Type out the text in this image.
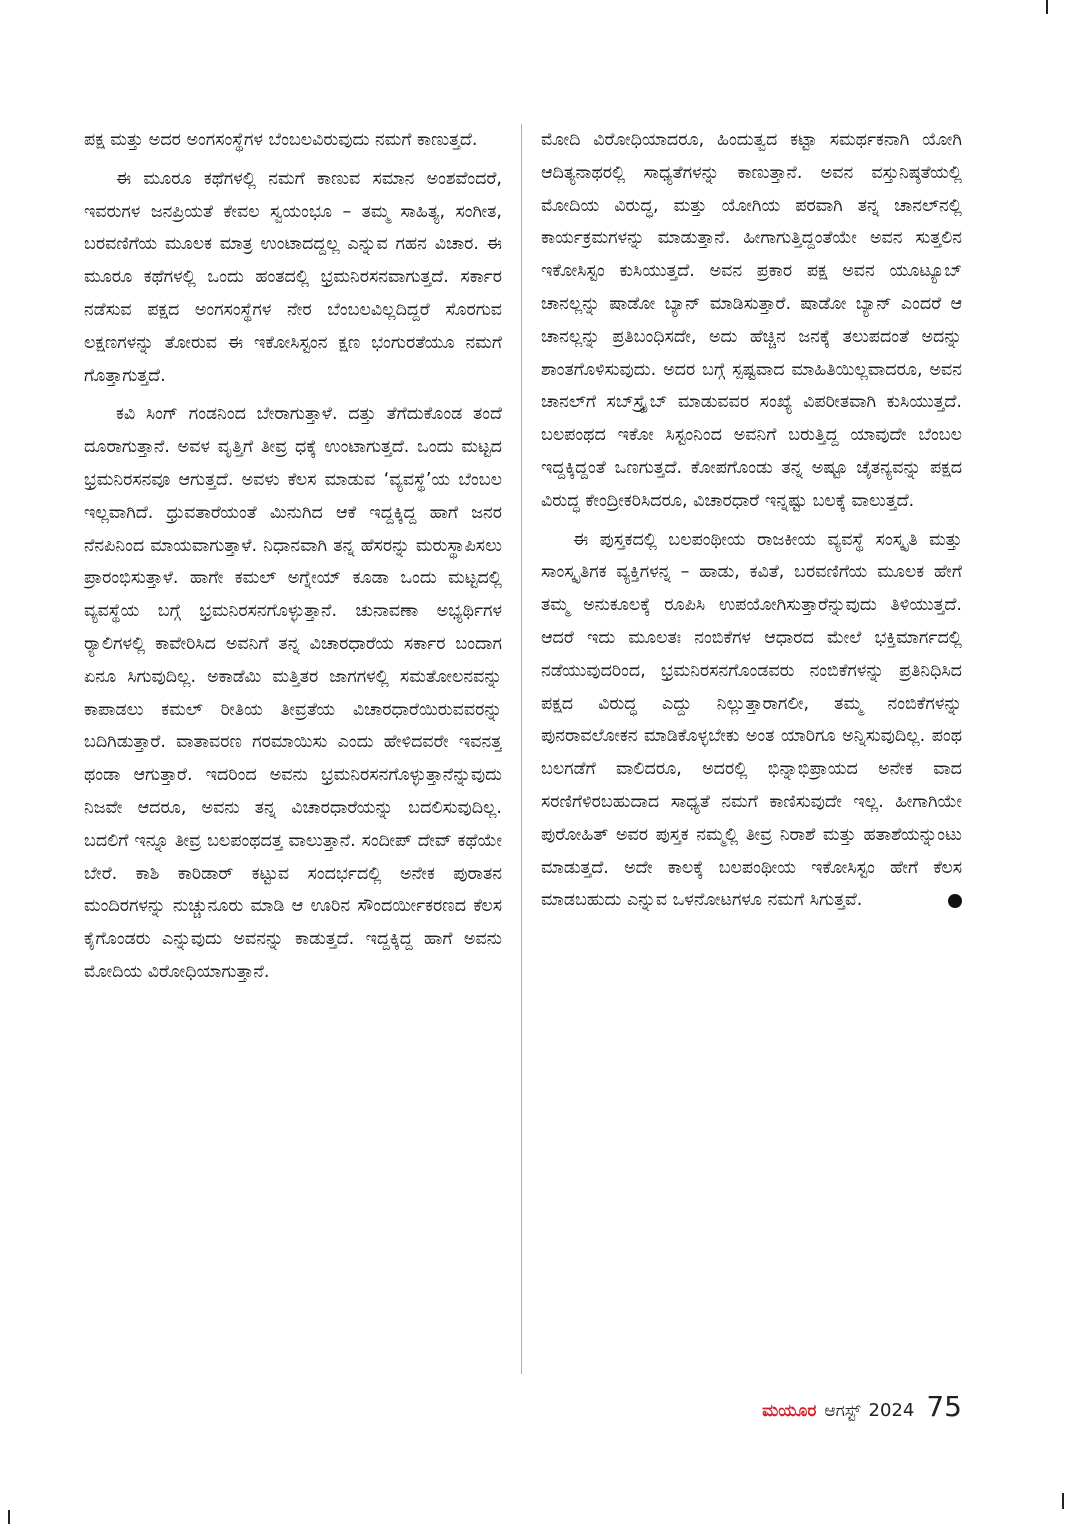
ಪಕ್ಷ ಮತ್ತು ಅದರ ಅಂಗಸಂಸ್ಥೆಗಳ ಬೆಂಬಲವಿರುವುದು ನಮಗೆ ಕಾಣುತ್ತದೆ.

ಈ ಮೂರೂ ಕಥೆಗಳಲ್ಲಿ ನಮಗೆ ಕಾಣುವ ಸಮಾನ ಅಂಶವೆಂದರೆ, ಇವರುಗಳ ಜನಪ್ರಿಯತೆ ಕೇವಲ ಸ್ವಯಂಭೂ – ತಮ್ಮ ಸಾಹಿತ್ಯ, ಸಂಗೀತ, ಬರವಣಿಗೆಯ ಮೂಲಕ ಮಾತ್ರ ಉಂಟಾದದ್ದಲ್ಲ ಎನ್ನುವ ಗಹನ ವಿಚಾರ. ಈ ಮೂರೂ ಕಥೆಗಳಲ್ಲಿ ಒಂದು ಹಂತದಲ್ಲಿ ಭ್ರಮನಿರಸನವಾಗುತ್ತದೆ. ಸರ್ಕಾರ ನಡೆಸುವ ಪಕ್ಷದ ಅಂಗಸಂಸ್ಥೆಗಳ ನೇರ ಬೆಂಬಲವಿಲ್ಲದಿದ್ದರೆ ಸೊರಗುವ ಲಕ್ಷಣಗಳನ್ನು ತೋರುವ ಈ ಇಕೋಸಿಸ್ಟಂನ ಕ್ಷಣ ಭಂಗುರತೆಯೂ ನಮಗೆ ಗೊತ್ತಾಗುತ್ತದೆ.

ಕವಿ ಸಿಂಗ್ ಗಂಡನಿಂದ ಬೇರಾಗುತ್ತಾಳೆ. ದತ್ತು ತೆಗೆದುಕೊಂಡ ತಂದೆ ದೂರಾಗುತ್ತಾನೆ. ಅವಳ ವೃತ್ತಿಗೆ ತೀವ್ರ ಧಕ್ಕೆ ಉಂಟಾಗುತ್ತದೆ. ಒಂದು ಮಟ್ಟದ ಭ್ರಮನಿರಸನವೂ ಆಗುತ್ತದೆ. ಅವಳು ಕೆಲಸ ಮಾಡುವ ‘ವ್ಯವಸ್ಥೆ’ಯ ಬೆಂಬಲ ಇಲ್ಲವಾಗಿದೆ. ಧ್ರುವತಾರೆಯಂತೆ ಮಿನುಗಿದ ಆಕೆ ಇದ್ದಕ್ಕಿದ್ದ ಹಾಗೆ ಜನರ ನೆನಪಿನಿಂದ ಮಾಯವಾಗುತ್ತಾಳೆ. ನಿಧಾನವಾಗಿ ತನ್ನ ಹೆಸರನ್ನು ಮರುಸ್ಥಾಪಿಸಲು ಪ್ರಾರಂಭಿಸುತ್ತಾಳೆ. ಹಾಗೇ ಕಮಲ್ ಅಗ್ನೇಯ್ ಕೂಡಾ ಒಂದು ಮಟ್ಟದಲ್ಲಿ ವ್ಯವಸ್ಥೆಯ ಬಗ್ಗೆ ಭ್ರಮನಿರಸನಗೊಳ್ಳುತ್ತಾನೆ. ಚುನಾವಣಾ ಅಭ್ಯರ್ಥಿಗಳ ರ್‍ಯಾಲಿಗಳಲ್ಲಿ ಕಾವೇರಿಸಿದ ಅವನಿಗೆ ತನ್ನ ವಿಚಾರಧಾರೆಯ ಸರ್ಕಾರ ಬಂದಾಗ ಏನೂ ಸಿಗುವುದಿಲ್ಲ. ಅಕಾಡೆಮಿ ಮತ್ತಿತರ ಜಾಗಗಳಲ್ಲಿ ಸಮತೋಲನವನ್ನು ಕಾಪಾಡಲು ಕಮಲ್ ರೀತಿಯ ತೀವ್ರತೆಯ ವಿಚಾರಧಾರೆಯಿರುವವರನ್ನು ಬದಿಗಿಡುತ್ತಾರೆ. ವಾತಾವರಣ ಗರಮಾಯಿಸು ಎಂದು ಹೇಳಿದವರೇ ಇವನತ್ತ ಥಂಡಾ ಆಗುತ್ತಾರೆ. ಇದರಿಂದ ಅವನು ಭ್ರಮನಿರಸನಗೊಳ್ಳುತ್ತಾನೆನ್ನುವುದು ನಿಜವೇ ಆದರೂ, ಅವನು ತನ್ನ ವಿಚಾರಧಾರೆಯನ್ನು ಬದಲಿಸುವುದಿಲ್ಲ. ಬದಲಿಗೆ ಇನ್ನೂ ತೀವ್ರ ಬಲಪಂಥದತ್ತ ವಾಲುತ್ತಾನೆ. ಸಂದೀಪ್ ದೇವ್ ಕಥೆಯೇ ಬೇರೆ. ಕಾಶಿ ಕಾರಿಡಾರ್ ಕಟ್ಟುವ ಸಂದರ್ಭದಲ್ಲಿ ಅನೇಕ ಪುರಾತನ ಮಂದಿರಗಳನ್ನು ನುಚ್ಚುನೂರು ಮಾಡಿ ಆ ಊರಿನ ಸೌಂದರ್ಯೀಕರಣದ ಕೆಲಸ ಕೈಗೊಂಡರು ಎನ್ನುವುದು ಅವನನ್ನು ಕಾಡುತ್ತದೆ. ಇದ್ದಕ್ಕಿದ್ದ ಹಾಗೆ ಅವನು ಮೋದಿಯ ವಿರೋಧಿಯಾಗುತ್ತಾನೆ.

ಮೋದಿ ವಿರೋಧಿಯಾದರೂ, ಹಿಂದುತ್ವದ ಕಟ್ಟಾ ಸಮರ್ಥಕನಾಗಿ ಯೋಗಿ ಆದಿತ್ಯನಾಥರಲ್ಲಿ ಸಾಧ್ಯತೆಗಳನ್ನು ಕಾಣುತ್ತಾನೆ. ಅವನ ವಸ್ತುನಿಷ್ಠತೆಯಲ್ಲಿ ಮೋದಿಯ ವಿರುದ್ಧ, ಮತ್ತು ಯೋಗಿಯ ಪರವಾಗಿ ತನ್ನ ಚಾನಲ್‌ನಲ್ಲಿ ಕಾರ್ಯಕ್ರಮಗಳನ್ನು ಮಾಡುತ್ತಾನೆ. ಹೀಗಾಗುತ್ತಿದ್ದಂತೆಯೇ ಅವನ ಸುತ್ತಲಿನ ಇಕೋಸಿಸ್ಟಂ ಕುಸಿಯುತ್ತದೆ. ಅವನ ಪ್ರಕಾರ ಪಕ್ಷ ಅವನ ಯೂಟ್ಯೂಬ್ ಚಾನಲ್ಲನ್ನು ಷಾಡೋ ಬ್ಯಾನ್ ಮಾಡಿಸುತ್ತಾರೆ. ಷಾಡೋ ಬ್ಯಾನ್ ಎಂದರೆ ಆ ಚಾನಲ್ಲನ್ನು ಪ್ರತಿಬಂಧಿಸದೇ, ಅದು ಹೆಚ್ಚಿನ ಜನಕ್ಕೆ ತಲುಪದಂತೆ ಅದನ್ನು ಶಾಂತಗೊಳಿಸುವುದು. ಅದರ ಬಗ್ಗೆ ಸ್ಪಷ್ಟವಾದ ಮಾಹಿತಿಯಿಲ್ಲವಾದರೂ, ಅವನ ಚಾನಲ್‌ಗೆ ಸಬ್‌ಸ್ಕ್ರೈಬ್ ಮಾಡುವವರ ಸಂಖ್ಯೆ ವಿಪರೀತವಾಗಿ ಕುಸಿಯುತ್ತದೆ. ಬಲಪಂಥದ ಇಕೋ ಸಿಸ್ಟಂನಿಂದ ಅವನಿಗೆ ಬರುತ್ತಿದ್ದ ಯಾವುದೇ ಬೆಂಬಲ ಇದ್ದಕ್ಕಿದ್ದಂತೆ ಒಣಗುತ್ತದೆ. ಕೋಪಗೊಂಡು ತನ್ನ ಅಷ್ಟೂ ಚೈತನ್ಯವನ್ನು ಪಕ್ಷದ ವಿರುದ್ಧ ಕೇಂದ್ರೀಕರಿಸಿದರೂ, ವಿಚಾರಧಾರೆ ಇನ್ನಷ್ಟು ಬಲಕ್ಕೆ ವಾಲುತ್ತದೆ.

ಈ ಪುಸ್ತಕದಲ್ಲಿ ಬಲಪಂಥೀಯ ರಾಜಕೀಯ ವ್ಯವಸ್ಥೆ ಸಂಸ್ಕೃತಿ ಮತ್ತು ಸಾಂಸ್ಕೃತಿಗಕ ವ್ಯಕ್ತಿಗಳನ್ನ – ಹಾಡು, ಕವಿತೆ, ಬರವಣಿಗೆಯ ಮೂಲಕ ಹೇಗೆ ತಮ್ಮ ಅನುಕೂಲಕ್ಕೆ ರೂಪಿಸಿ ಉಪಯೋಗಿಸುತ್ತಾರೆನ್ನುವುದು ತಿಳಿಯುತ್ತದೆ. ಆದರೆ ಇದು ಮೂಲತಃ ನಂಬಿಕೆಗಳ ಆಧಾರದ ಮೇಲೆ ಭಕ್ತಿಮಾರ್ಗದಲ್ಲಿ ನಡೆಯುವುದರಿಂದ, ಭ್ರಮನಿರಸನಗೊಂಡವರು ನಂಬಿಕೆಗಳನ್ನು ಪ್ರತಿನಿಧಿಸಿದ ಪಕ್ಷದ ವಿರುದ್ಧ ಎದ್ದು ನಿಲ್ಲುತ್ತಾರಾಗಲೀ, ತಮ್ಮ ನಂಬಿಕೆಗಳನ್ನು ಪುನರಾವಲೋಕನ ಮಾಡಿಕೊಳ್ಳಬೇಕು ಅಂತ ಯಾರಿಗೂ ಅನ್ನಿಸುವುದಿಲ್ಲ. ಪಂಥ ಬಲಗಡೆಗೆ ವಾಲಿದರೂ, ಅದರಲ್ಲಿ ಭಿನ್ನಾಭಿಪ್ರಾಯದ ಅನೇಕ ವಾದ ಸರಣಿಗೆಳಿರಬಹುದಾದ ಸಾಧ್ಯತೆ ನಮಗೆ ಕಾಣಿಸುವುದೇ ಇಲ್ಲ. ಹೀಗಾಗಿಯೇ ಪುರೋಹಿತ್ ಅವರ ಪುಸ್ತಕ ನಮ್ಮಲ್ಲಿ ತೀವ್ರ ನಿರಾಶೆ ಮತ್ತು ಹತಾಶೆಯನ್ನುಂಟು ಮಾಡುತ್ತದೆ. ಅದೇ ಕಾಲಕ್ಕೆ ಬಲಪಂಥೀಯ ಇಕೋಸಿಸ್ಟಂ ಹೇಗೆ ಕೆಲಸ ಮಾಡಬಹುದು ಎನ್ನುವ ಒಳನೋಟಗಳೂ ನಮಗೆ ಸಿಗುತ್ತವೆ.

ಮಯೂರ ಆಗಸ್ಟ್ 2024 75
